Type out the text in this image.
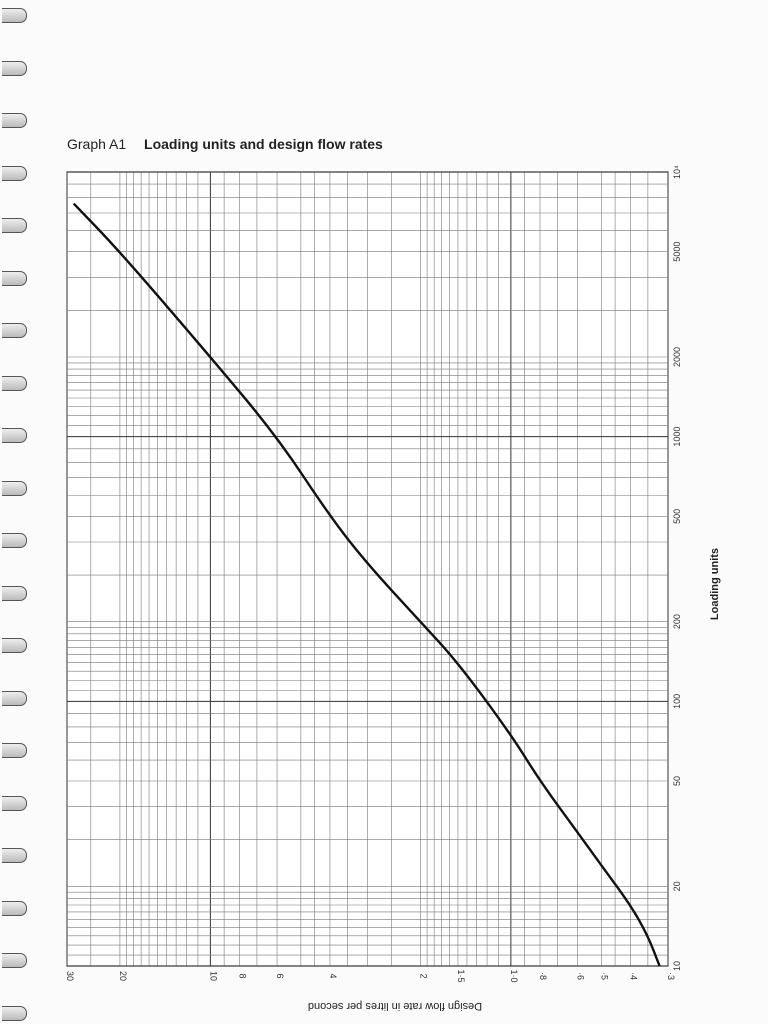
Graph A1 Loading units and design flow rates
30	20	10 8	6	4	2	1·5	1·0 ·8	·6 ·5 ·4	·3
10
20
50
100
200
500
1000
2000
5000
10⁴
Loading units
Design flow rate in litres per second
